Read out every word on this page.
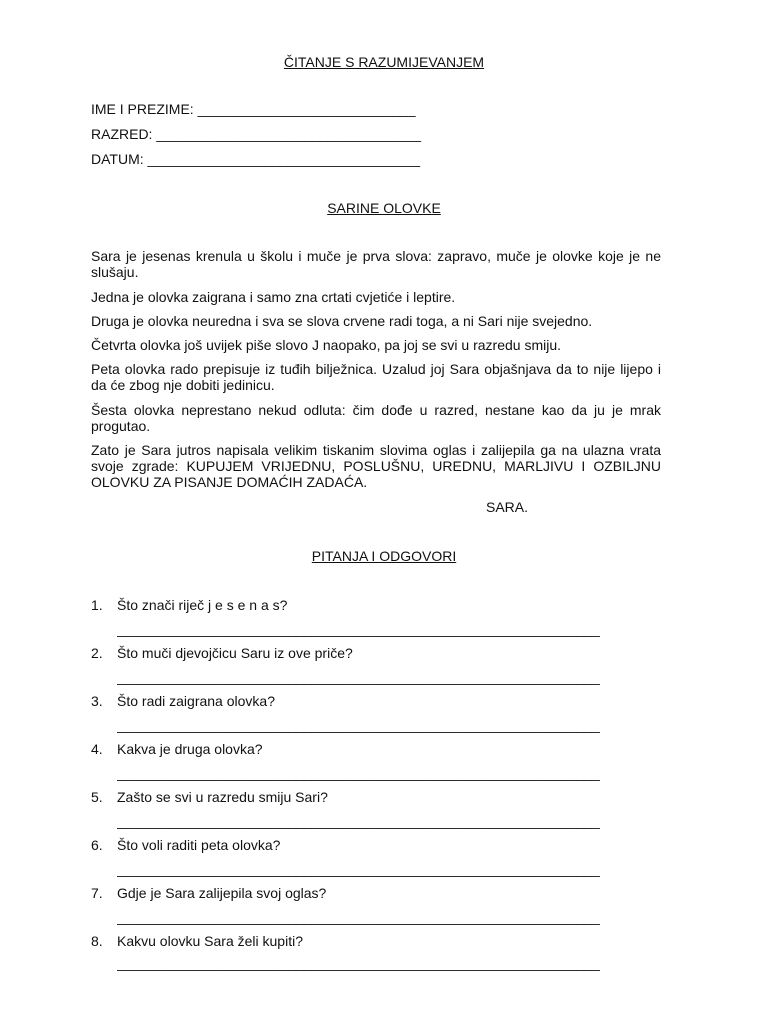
ČITANJE S RAZUMIJEVANJEM
IME I PREZIME: ____________________________
RAZRED: __________________________________
DATUM: ___________________________________
SARINE OLOVKE

Sara je jesenas krenula u školu i muče je prva slova: zapravo, muče je olovke koje je ne slušaju.

Jedna je olovka zaigrana i samo zna crtati cvjetiće i leptire.

Druga je olovka neuredna i sva se slova crvene radi toga, a ni Sari nije svejedno.

Četvrta olovka još uvijek piše slovo J naopako, pa joj se svi u razredu smiju.

Peta olovka rado prepisuje iz tuđih bilježnica. Uzalud joj Sara objašnjava da to nije lijepo i da će zbog nje dobiti jedinicu.

Šesta olovka neprestano nekud odluta: čim dođe u razred, nestane kao da ju je mrak progutao.

Zato je Sara jutros napisala velikim tiskanim slovima oglas i zalijepila ga na ulazna vrata svoje zgrade: KUPUJEM VRIJEDNU, POSLUŠNU, UREDNU, MARLJIVU I OZBILJNU OLOVKU ZA PISANJE DOMAĆIH ZADAĆA.

SARA.
PITANJA I ODGOVORI
1. Što znači riječ j e s e n a s?
______________________________________________________________
2. Što muči djevojčicu Saru iz ove priče?
______________________________________________________________
3. Što radi zaigrana olovka?
______________________________________________________________
4. Kakva je druga olovka?
______________________________________________________________
5. Zašto se svi u razredu smiju Sari?
______________________________________________________________
6. Što voli raditi peta olovka?
______________________________________________________________
7. Gdje je Sara zalijepila svoj oglas?
______________________________________________________________
8. Kakvu olovku Sara želi kupiti?
______________________________________________________________
